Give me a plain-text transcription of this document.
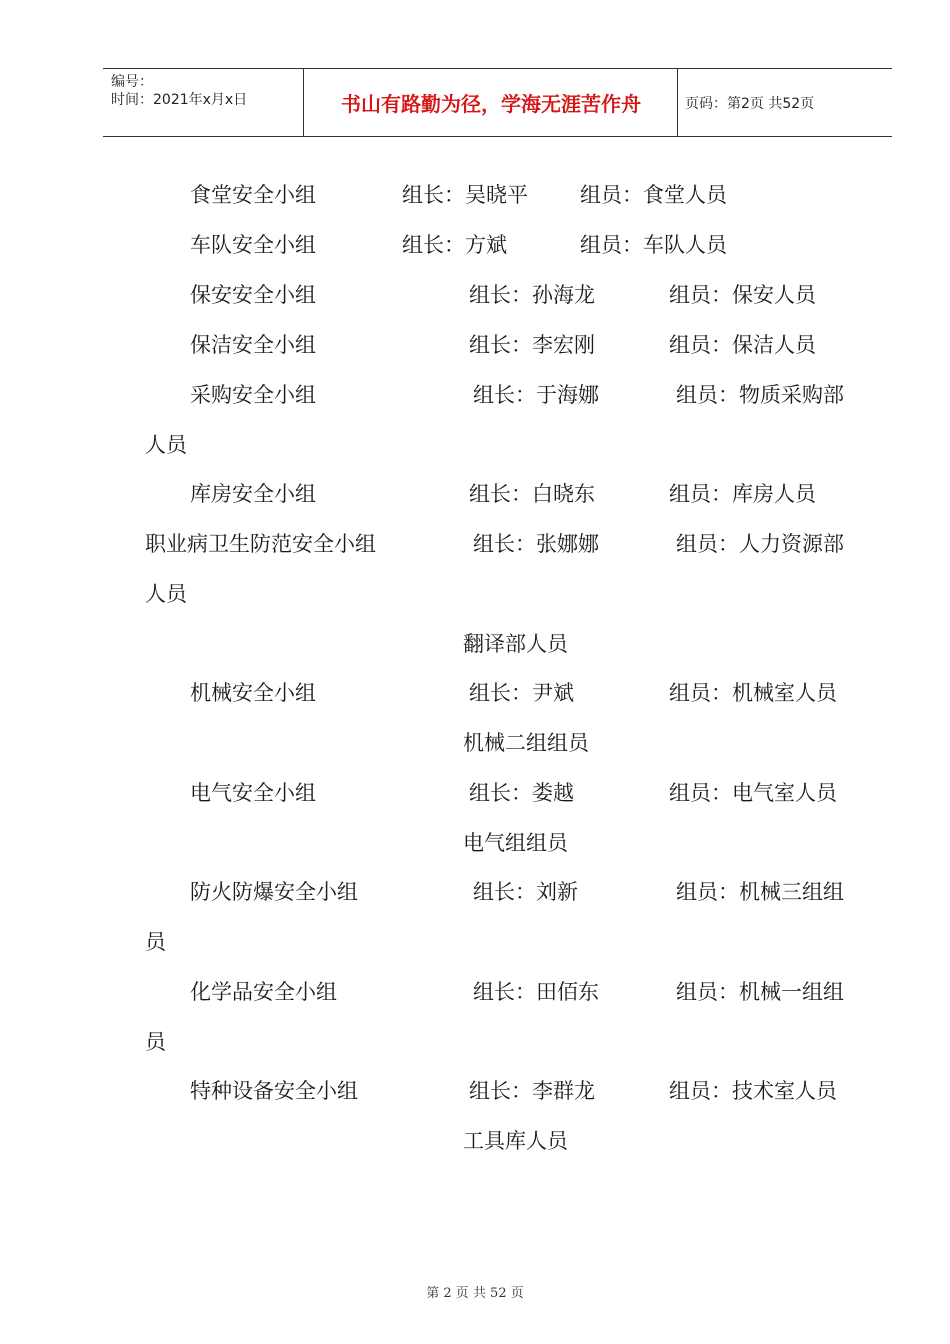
编号：
时间：2021年x月x日	书山有路勤为径，学海无涯苦作舟	页码：第2页 共52页
食堂安全小组	组长：吴晓平 组员：食堂人员
车队安全小组	组长：方斌	组员：车队人员
保安安全小组	组长：孙海龙	组员：保安人员
保洁安全小组	组长：李宏刚	组员：保洁人员
采购安全小组	组长：于海娜	组员：物质采购部
人员
库房安全小组	组长：白晓东	组员：库房人员
职业病卫生防范安全小组	组长：张娜娜	组员：人力资源部
人员
翻译部人员
机械安全小组	组长：尹斌	组员：机械室人员
机械二组组员
电气安全小组	组长：娄越	组员：电气室人员
电气组组员
防火防爆安全小组	组长：刘新	组员：机械三组组
员
化学品安全小组	组长：田佰东	组员：机械一组组
员
特种设备安全小组	组长：李群龙	组员：技术室人员
工具库人员
第 2 页 共 52 页
